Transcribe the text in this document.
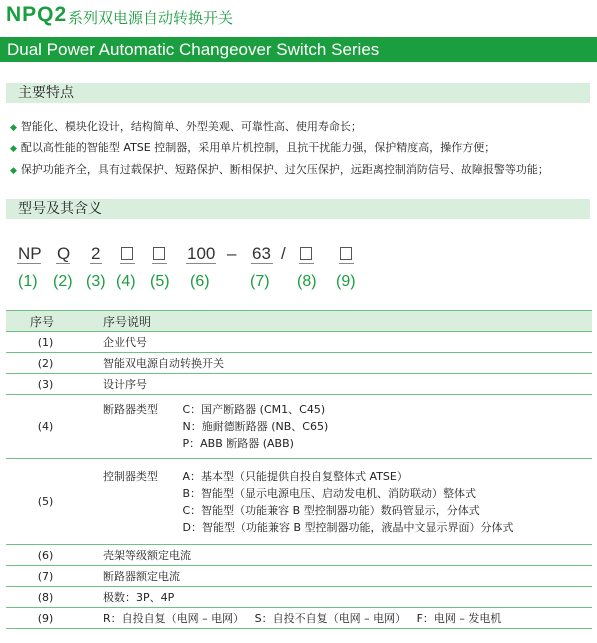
NPQ2 系列双电源自动转换开关
Dual Power Automatic Changeover Switch Series
主要特点
◆ 智能化、模块化设计，结构简单、外型美观、可靠性高、使用寿命长；
◆ 配以高性能的智能型 ATSE 控制器，采用单片机控制，且抗干扰能力强，保护精度高，操作方便；
◆ 保护功能齐全，具有过载保护、短路保护、断相保护、过欠压保护，远距离控制消防信号、故障报警等功能；
型号及其含义
NP Q 2	100 – 63 /
(1) (2) (3) (4) (5) (6)	(7) (8) (9)
序号	序号说明
(1)	企业代号
(2)	智能双电源自动转换开关
(3)	设计序号
(4)	断路器类型 C：国产断路器 (CM1、C45)
N：施耐德断路器 (NB、C65)
P：ABB 断路器 (ABB)

(5)	控制器类型 A：基本型（只能提供自投自复整体式 ATSE）
B：智能型（显示电源电压、启动发电机、消防联动）整体式
C：智能型（功能兼容 B 型控制器功能）数码管显示，分体式
D：智能型（功能兼容 B 型控制器功能，液晶中文显示界面）分体式

(6)	壳架等级额定电流
(7)	断路器额定电流
(8)	极数：3P、4P
(9)	R：自投自复（电网 – 电网）   S：自投不自复（电网 – 电网）   F：电网 – 发电机
